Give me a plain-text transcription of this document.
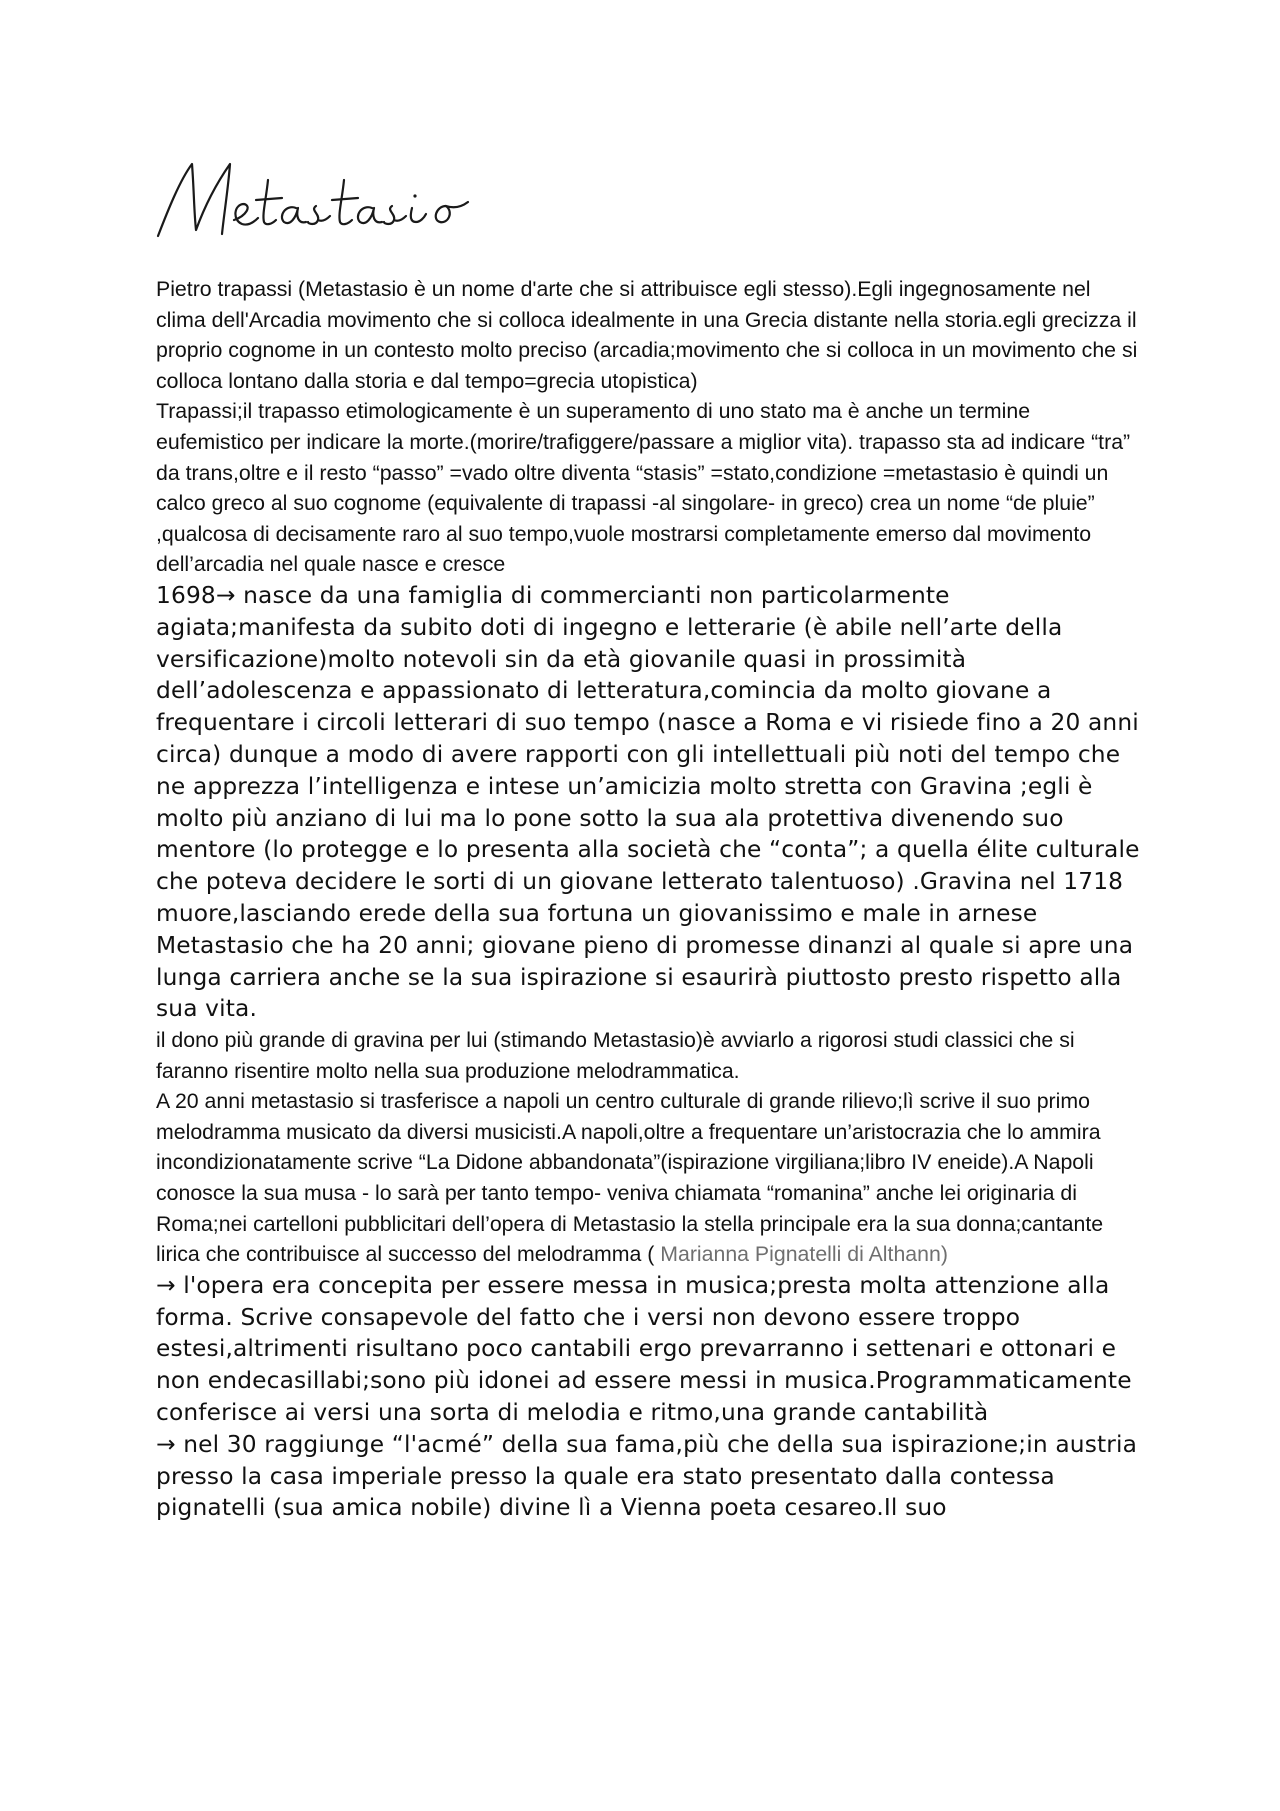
Pietro trapassi (Metastasio è un nome d'arte che si attribuisce egli stesso).Egli ingegnosamente nel clima dell'Arcadia movimento che si colloca idealmente in una Grecia distante nella storia.egli grecizza il proprio cognome in un contesto molto preciso (arcadia;movimento che si colloca in un movimento che si colloca lontano dalla storia e dal tempo=grecia utopistica)

Trapassi;il trapasso etimologicamente è un superamento di uno stato ma è anche un termine eufemistico per indicare la morte.(morire/trafiggere/passare a miglior vita). trapasso sta ad indicare “tra” da trans,oltre e il resto “passo” =vado oltre diventa “stasis” =stato,condizione =metastasio è quindi un calco greco al suo cognome (equivalente di trapassi -al singolare- in greco) crea un nome “de pluie” ,qualcosa di decisamente raro al suo tempo,vuole mostrarsi completamente emerso dal movimento dell’arcadia nel quale nasce e cresce

1698→ nasce da una famiglia di commercianti non particolarmente agiata;manifesta da subito doti di ingegno e letterarie (è abile nell’arte della versificazione)molto notevoli sin da età giovanile quasi in prossimità dell’adolescenza e appassionato di letteratura,comincia da molto giovane a frequentare i circoli letterari di suo tempo (nasce a Roma e vi risiede fino a 20 anni circa) dunque a modo di avere rapporti con gli intellettuali più noti del tempo che ne apprezza l’intelligenza e intese un’amicizia molto stretta con Gravina ;egli è molto più anziano di lui ma lo pone sotto la sua ala protettiva divenendo suo mentore (lo protegge e lo presenta alla società che “conta”; a quella élite culturale che poteva decidere le sorti di un giovane letterato talentuoso) .Gravina nel 1718 muore,lasciando erede della sua fortuna un giovanissimo e male in arnese Metastasio che ha 20 anni; giovane pieno di promesse dinanzi al quale si apre una lunga carriera anche se la sua ispirazione si esaurirà piuttosto presto rispetto alla sua vita.

il dono più grande di gravina per lui (stimando Metastasio)è avviarlo a rigorosi studi classici che si faranno risentire molto nella sua produzione melodrammatica.

A 20 anni metastasio si trasferisce a napoli un centro culturale di grande rilievo;lì scrive il suo primo melodramma musicato da diversi musicisti.A napoli,oltre a frequentare un’aristocrazia che lo ammira incondizionatamente scrive “La Didone abbandonata”(ispirazione virgiliana;libro IV eneide).A Napoli conosce la sua musa - lo sarà per tanto tempo- veniva chiamata “romanina” anche lei originaria di Roma;nei cartelloni pubblicitari dell’opera di Metastasio la stella principale era la sua donna;cantante lirica che contribuisce al successo del melodramma ( Marianna Pignatelli di Althann)

→ l'opera era concepita per essere messa in musica;presta molta attenzione alla forma. Scrive consapevole del fatto che i versi non devono essere troppo estesi,altrimenti risultano poco cantabili ergo prevarranno i settenari e ottonari e non endecasillabi;sono più idonei ad essere messi in musica.Programmaticamente conferisce ai versi una sorta di melodia e ritmo,una grande cantabilità

→ nel 30 raggiunge “l'acmé” della sua fama,più che della sua ispirazione;in austria presso la casa imperiale presso la quale era stato presentato dalla contessa pignatelli (sua amica nobile) divine lì a Vienna poeta cesareo.Il suo
